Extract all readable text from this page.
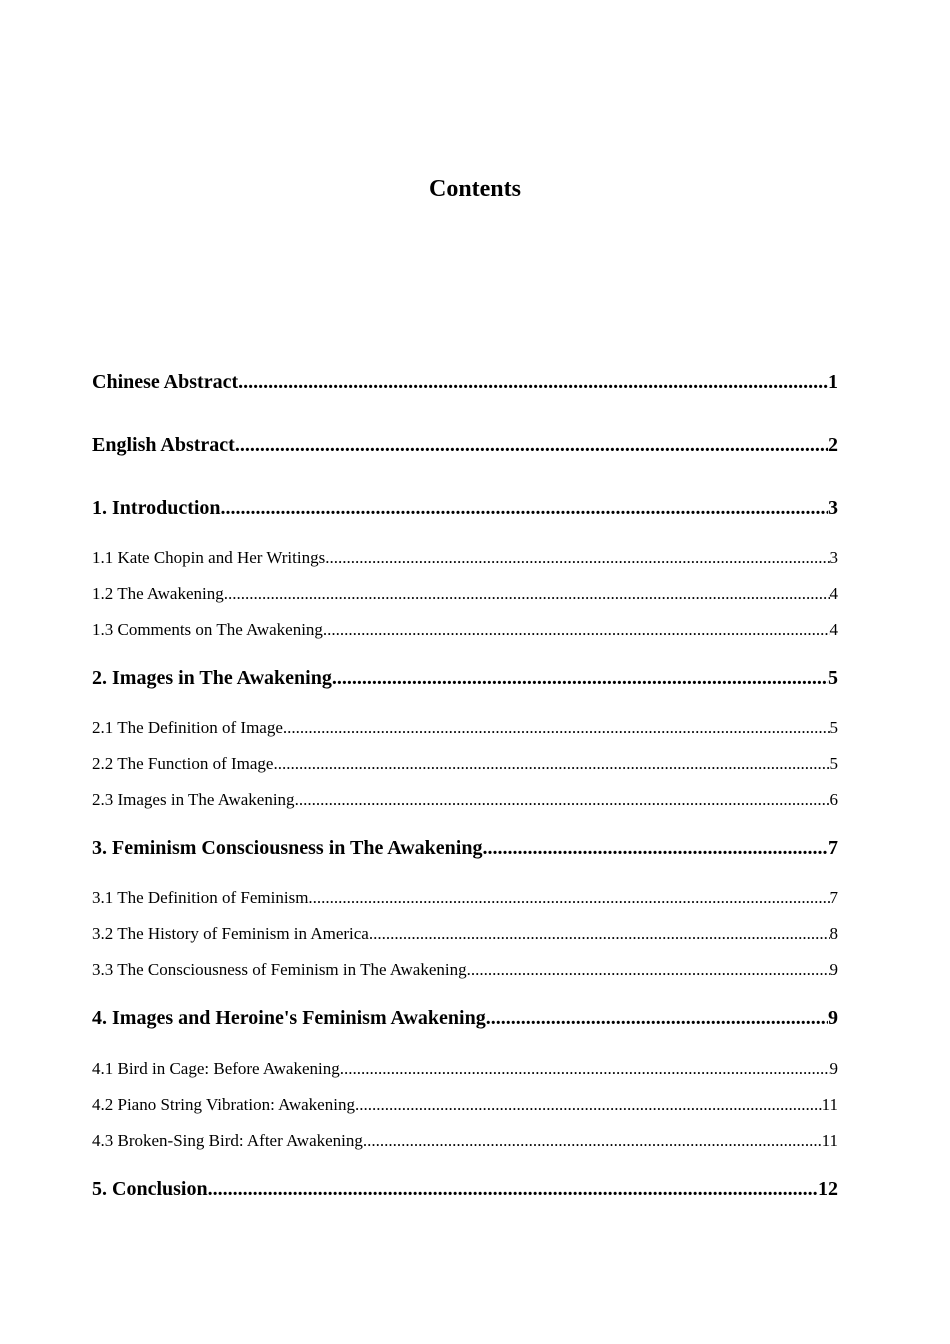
Contents
Chinese Abstract .....	1
English Abstract .....	2
1. Introduction .....	3
1.1 Kate Chopin and Her Writings .....	3
1.2 The Awakening .....	4
1.3 Comments on The Awakening .....	4
2. Images in The Awakening .....	5
2.1 The Definition of Image .....	5
2.2 The Function of Image .....	5
2.3 Images in The Awakening .....	6
3. Feminism Consciousness in The Awakening .....	7
3.1 The Definition of Feminism .....	7
3.2 The History of Feminism in America .....	8
3.3 The Consciousness of Feminism in The Awakening .....	9
4. Images and Heroine's Feminism Awakening .....	9
4.1 Bird in Cage: Before Awakening .....	9
4.2 Piano String Vibration: Awakening .....	11
4.3 Broken-Sing Bird: After Awakening .....	11
5. Conclusion .....	12
